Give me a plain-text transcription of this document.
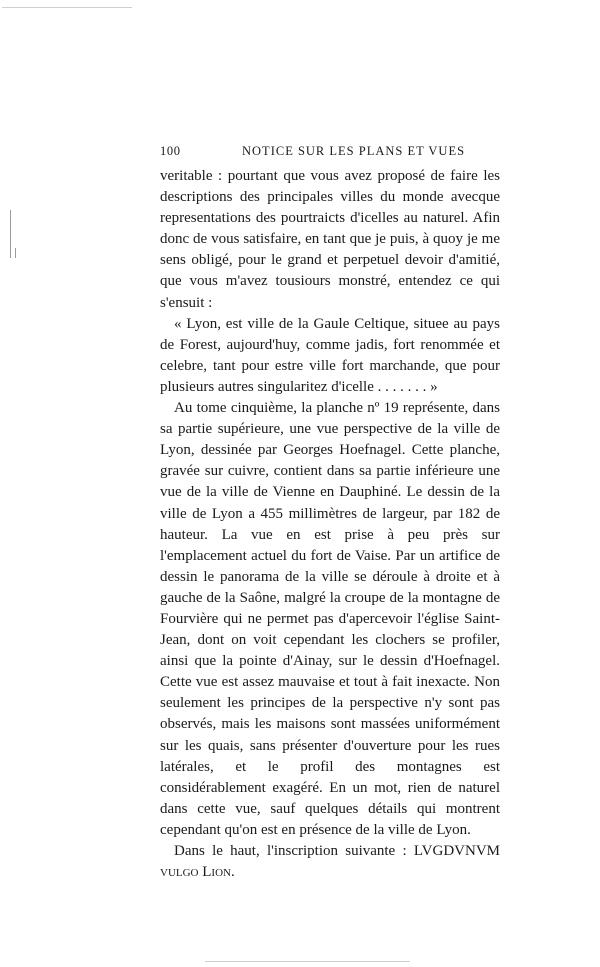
100	NOTICE SUR LES PLANS ET VUES

veritable : pourtant que vous avez proposé de faire les descriptions des principales villes du monde avecque representations des pourtraicts d'icelles au naturel. Afin donc de vous satisfaire, en tant que je puis, à quoy je me sens obligé, pour le grand et perpetuel devoir d'amitié, que vous m'avez tousiours monstré, entendez ce qui s'ensuit :

« Lyon, est ville de la Gaule Celtique, situee au pays de Forest, aujourd'huy, comme jadis, fort renommée et celebre, tant pour estre ville fort marchande, que pour plusieurs autres singularitez d'icelle . . . . . . . »

Au tome cinquième, la planche nº 19 représente, dans sa partie supérieure, une vue perspective de la ville de Lyon, dessinée par Georges Hoefnagel. Cette planche, gravée sur cuivre, contient dans sa partie inférieure une vue de la ville de Vienne en Dauphiné. Le dessin de la ville de Lyon a 455 millimètres de largeur, par 182 de hauteur. La vue en est prise à peu près sur l'emplacement actuel du fort de Vaise. Par un artifice de dessin le panorama de la ville se déroule à droite et à gauche de la Saône, malgré la croupe de la montagne de Fourvière qui ne permet pas d'apercevoir l'église Saint-Jean, dont on voit cependant les clochers se profiler, ainsi que la pointe d'Ainay, sur le dessin d'Hoefnagel. Cette vue est assez mauvaise et tout à fait inexacte. Non seulement les principes de la perspective n'y sont pas observés, mais les maisons sont massées uniformément sur les quais, sans présenter d'ouverture pour les rues latérales, et le profil des montagnes est considérablement exagéré. En un mot, rien de naturel dans cette vue, sauf quelques détails qui montrent cependant qu'on est en présence de la ville de Lyon.

Dans le haut, l'inscription suivante : LVGDVNVM vulgo Lion.
